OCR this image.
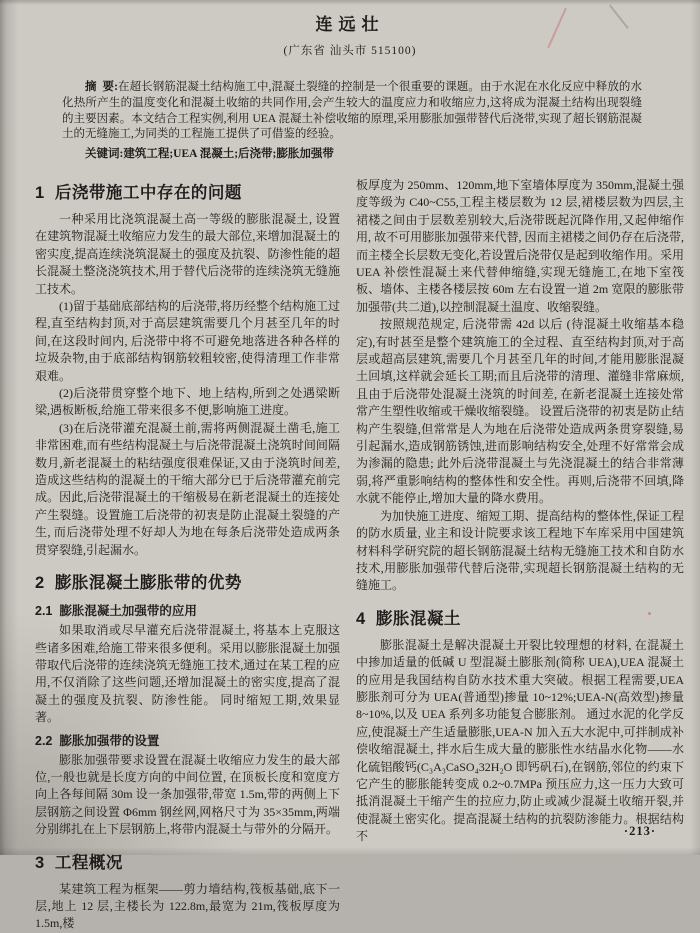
连远壮
(广东省 汕头市 515100)

摘  要:在超长钢筋混凝土结构施工中,混凝土裂缝的控制是一个很重要的课题。由于水泥在水化反应中释放的水化热所产生的温度变化和混凝土收缩的共同作用,会产生较大的温度应力和收缩应力,这将成为混凝土结构出现裂缝的主要因素。本文结合工程实例,利用 UEA 混凝土补偿收缩的原理,采用膨胀加强带替代后浇带,实现了超长钢筋混凝土的无缝施工,为同类的工程施工提供了可借鉴的经验。

关键词:建筑工程;UEA 混凝土;后浇带;膨胀加强带

1  后浇带施工中存在的问题

一种采用比浇筑混凝土高一等级的膨胀混凝土, 设置在建筑物混凝土收缩应力发生的最大部位,来增加混凝土的密实度,提高连续浇筑混凝土的强度及抗裂、防渗性能的超长混凝土整浇浇筑技术,用于替代后浇带的连续浇筑无缝施工技术。

(1)留于基础底部结构的后浇带,将历经整个结构施工过程,直至结构封顶,对于高层建筑需要几个月甚至几年的时间,在这段时间内, 后浇带中将不可避免地落进各种各样的垃圾杂物,由于底部结构钢筋较粗较密,使得清理工作非常艰难。

(2)后浇带贯穿整个地下、地上结构,所到之处遇梁断梁,遇板断板,给施工带来很多不便,影响施工进度。

(3)在后浇带灌充混凝土前,需将两侧混凝土凿毛,施工非常困难,而有些结构混凝土与后浇带混凝土浇筑时间间隔数月,新老混凝土的粘结强度很难保证,又由于浇筑时间差,造成这些结构的混凝土的干缩大部分已于后浇带灌充前完成。因此,后浇带混凝土的干缩极易在新老混凝土的连接处产生裂缝。设置施工后浇带的初衷是防止混凝土裂缝的产生, 而后浇带处理不好却人为地在每条后浇带处造成两条贯穿裂缝,引起漏水。

2  膨胀混凝土膨胀带的优势
2.1  膨胀混凝土加强带的应用

如果取消或尽早灌充后浇带混凝土, 将基本上克服这些诸多困难,给施工带来很多便利。采用以膨胀混凝土加强带取代后浇带的连续浇筑无缝施工技术,通过在某工程的应用,不仅消除了这些问题,还增加混凝土的密实度,提高了混凝土的强度及抗裂、防渗性能。 同时缩短工期,效果显著。

2.2  膨胀加强带的设置

膨胀加强带要求设置在混凝土收缩应力发生的最大部位,一般也就是长度方向的中间位置, 在顶板长度和宽度方向上各每间隔 30m 设一条加强带,带宽 1.5m,带的两侧上下层钢筋之间设置 Φ6mm 钢丝网,网格尺寸为 35×35mm,两端分别绑扎在上下层钢筋上,将带内混凝土与带外的分隔开。

3  工程概况

某建筑工程为框架——剪力墙结构,筏板基础,底下一层,地上 12 层,主楼长为 122.8m,最宽为 21m,筏板厚度为 1.5m,楼

板厚度为 250mm、120mm,地下室墙体厚度为 350mm,混凝土强度等级为 C40~C55,工程主楼层数为 12 层,裙楼层数为四层,主裙楼之间由于层数差别较大,后浇带既起沉降作用,又起伸缩作用, 故不可用膨胀加强带来代替, 因而主裙楼之间仍存在后浇带,而主楼全长层数无变化,若设置后浇带仅是起到收缩作用。采用 UEA 补偿性混凝土来代替伸缩缝,实现无缝施工,在地下室筏板、墙体、主楼各楼层按 60m 左右设置一道 2m 宽限的膨胀带加强带(共二道),以控制混凝土温度、收缩裂缝。

按照规范规定, 后浇带需 42d 以后 (待混凝土收缩基本稳定),有时甚至是整个建筑施工的全过程、直至结构封顶,对于高层或超高层建筑,需要几个月甚至几年的时间,才能用膨胀混凝土回填,这样就会延长工期;而且后浇带的清理、灌缝非常麻烦,且由于后浇带处混凝土浇筑的时间差, 在新老混凝土连接处常常产生塑性收缩或干燥收缩裂缝。 设置后浇带的初衷是防止结构产生裂缝,但常常是人为地在后浇带处造成两条贯穿裂缝,易引起漏水,造成钢筋锈蚀,进而影响结构安全,处理不好常常会成为渗漏的隐患; 此外后浇带混凝土与先浇混凝土的结合非常薄弱,将严重影响结构的整体性和安全性。再则,后浇带不回填,降水就不能停止,增加大量的降水费用。

为加快施工进度、缩短工期、提高结构的整体性,保证工程的防水质量, 业主和设计院要求该工程地下车库采用中国建筑材料科学研究院的超长钢筋混凝土结构无缝施工技术和自防水技术,用膨胀加强带代替后浇带,实现超长钢筋混凝土结构的无缝施工。

4  膨胀混凝土

膨胀混凝土是解决混凝土开裂比较理想的材料, 在混凝土中掺加适量的低碱 U 型混凝土膨胀剂(简称 UEA),UEA 混凝土的应用是我国结构自防水技术重大突破。根据工程需要,UEA 膨胀剂可分为 UEA(普通型)掺量 10~12%;UEA-N(高效型)掺量 8~10%,以及 UEA 系列多功能复合膨胀剂。 通过水泥的化学反应,使混凝土产生适量膨胀,UEA-N 加入五大水泥中,可拌制成补偿收缩混凝土, 拌水后生成大量的膨胀性水结晶水化物——水化硫铝酸钙(C₃A₃CaSO₄32H₂O 即钙矾石),在钢筋,邻位的约束下它产生的膨胀能转变成 0.2~0.7MPa 预压应力,这一压力大致可抵消混凝土干缩产生的拉应力,防止或减少混凝土收缩开裂,并使混凝土密实化。提高混凝土结构的抗裂防渗能力。根据结构不	·213·
